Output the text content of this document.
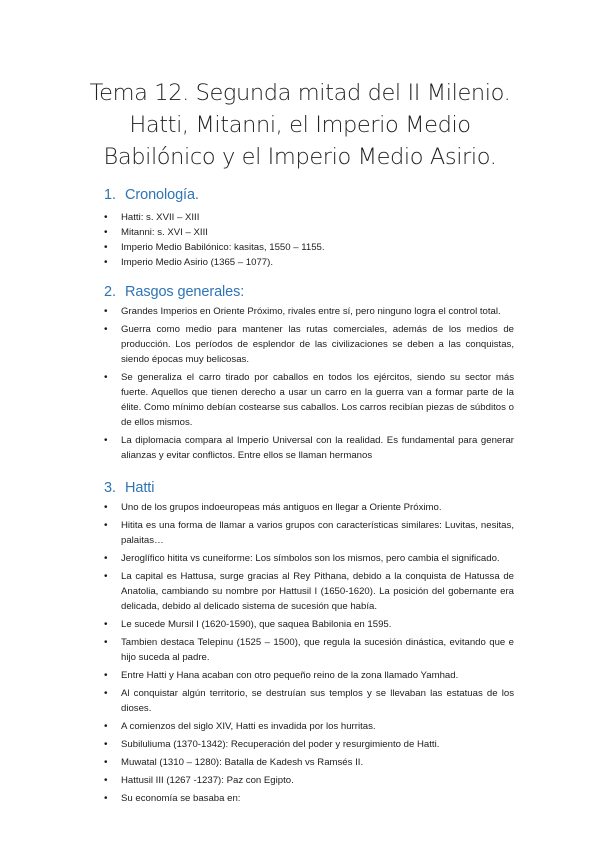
Tema 12. Segunda mitad del II Milenio.
Hatti, Mitanni, el Imperio Medio
Babilónico y el Imperio Medio Asirio.
1. Cronología.
• Hatti: s. XVII – XIII
• Mitanni: s. XVI – XIII
• Imperio Medio Babilónico: kasitas, 1550 – 1155.
• Imperio Medio Asirio (1365 – 1077).
2. Rasgos generales:
• Grandes Imperios en Oriente Próximo, rivales entre sí, pero ninguno logra el control total.
• Guerra como medio para mantener las rutas comerciales, además de los medios de producción. Los períodos de esplendor de las civilizaciones se deben a las conquistas, siendo épocas muy belicosas.
• Se generaliza el carro tirado por caballos en todos los ejércitos, siendo su sector más fuerte. Aquellos que tienen derecho a usar un carro en la guerra van a formar parte de la élite. Como mínimo debían costearse sus caballos. Los carros recibían piezas de súbditos o de ellos mismos.
• La diplomacia compara al Imperio Universal con la realidad. Es fundamental para generar alianzas y evitar conflictos. Entre ellos se llaman hermanos
3. Hatti
• Uno de los grupos indoeuropeas más antiguos en llegar a Oriente Próximo.
• Hitita es una forma de llamar a varios grupos con características similares: Luvitas, nesitas, palaitas…
• Jeroglífico hitita vs cuneiforme: Los símbolos son los mismos, pero cambia el significado.
• La capital es Hattusa, surge gracias al Rey Pithana, debido a la conquista de Hatussa de Anatolia, cambiando su nombre por Hattusil I (1650-1620). La posición del gobernante era delicada, debido al delicado sistema de sucesión que había.
• Le sucede Mursil I (1620-1590), que saquea Babilonia en 1595.
• Tambien destaca Telepinu (1525 – 1500), que regula la sucesión dinástica, evitando que e hijo suceda al padre.
• Entre Hatti y Hana acaban con otro pequeño reino de la zona llamado Yamhad.
• Al conquistar algún territorio, se destruían sus templos y se llevaban las estatuas de los dioses.
• A comienzos del siglo XIV, Hatti es invadida por los hurritas.
• Subiluliuma (1370-1342): Recuperación del poder y resurgimiento de Hatti.
• Muwatal (1310 – 1280): Batalla de Kadesh vs Ramsés II.
• Hattusil III (1267 -1237): Paz con Egipto.
• Su economía se basaba en:
